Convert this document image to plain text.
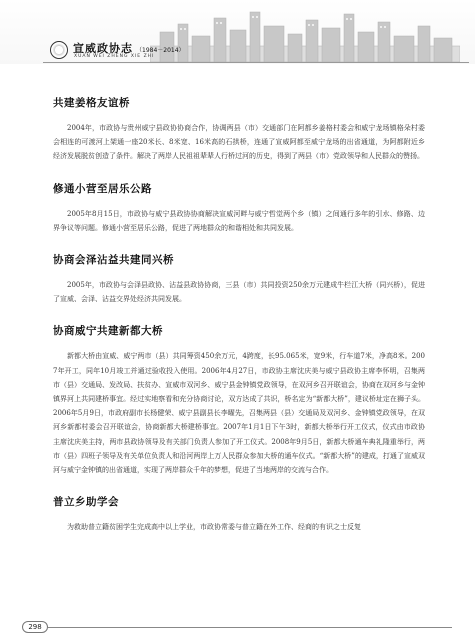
宣威政协志 （1984－2014）
XUAN WEI ZHENG XIE ZHI
共建姜格友谊桥

2004年，市政协与贵州威宁县政协协商合作，协调两县（市）交通部门在阿都乡姜格村委会和威宁龙场镇格朵村委会相连的可渡河上架通一座20米长、8米宽、16米高的石拱桥，连通了宣威阿都至威宁龙场的出省通道，为阿都附近乡经济发展脱贫创造了条件。解决了两岸人民祖祖辈辈人行桥过河的历史，得到了两县（市）党政领导和人民群众的赞扬。

修通小营至居乐公路

2005年8月15日，市政协与威宁县政协协商解决宣威河畔与威宁哲觉两个乡（镇）之间通行多年的引水、修路、边界争议等问题。修通小营至居乐公路，促进了两地群众的和谐相处和共同发展。

协商会泽沾益共建同兴桥

2005年，市政协与会泽县政协、沾益县政协协商，三县（市）共同投资250余万元建成牛栏江大桥（同兴桥），促进了宣威、会泽、沾益交界处经济共同发展。

协商威宁共建新都大桥

新都大桥由宣威、威宁两市（县）共同筹资450余万元，4跨度，长95.065米，宽9米，行车道7米，净高8米。2007年开工，同年10月竣工并通过验收投入使用。2006年4月27日，市政协主席沈庆美与威宁县政协主席李怀明，召集两市（县）交通局、发改局、扶贫办、宣威市双河乡、威宁县金钟镇党政领导，在双河乡召开联谊会，协商在双河乡与金钟镇界河上共同建桥事宜。经过实地察看和充分协商讨论，双方达成了共识，桥名定为“新都大桥”，建议桥址定在狮子头。2006年5月9日，市政府副市长杨健荣、威宁县副县长李曜先，召集两县（县）交通局及双河乡、金钟镇党政领导，在双河乡新都村委会召开联谊会，协商新都大桥建桥事宜。2007年1月1日下午3时，新都大桥举行开工仪式，仪式由市政协主席沈庆美主持，两市县政协领导及有关部门负责人参加了开工仪式。2008年9月5日，新都大桥通车典礼隆重举行，两市（县）四班子领导及有关单位负责人和沿河两岸上万人民群众参加大桥的通车仪式。“新都大桥”的建成，打通了宣威双河与威宁金钟镇的出省通道，实现了两岸群众千年的梦想，促进了当地两岸的交流与合作。

普立乡助学会

为救助普立籍贫困学生完成高中以上学业，市政协常委与普立籍在外工作、经商的有识之士反复

298
